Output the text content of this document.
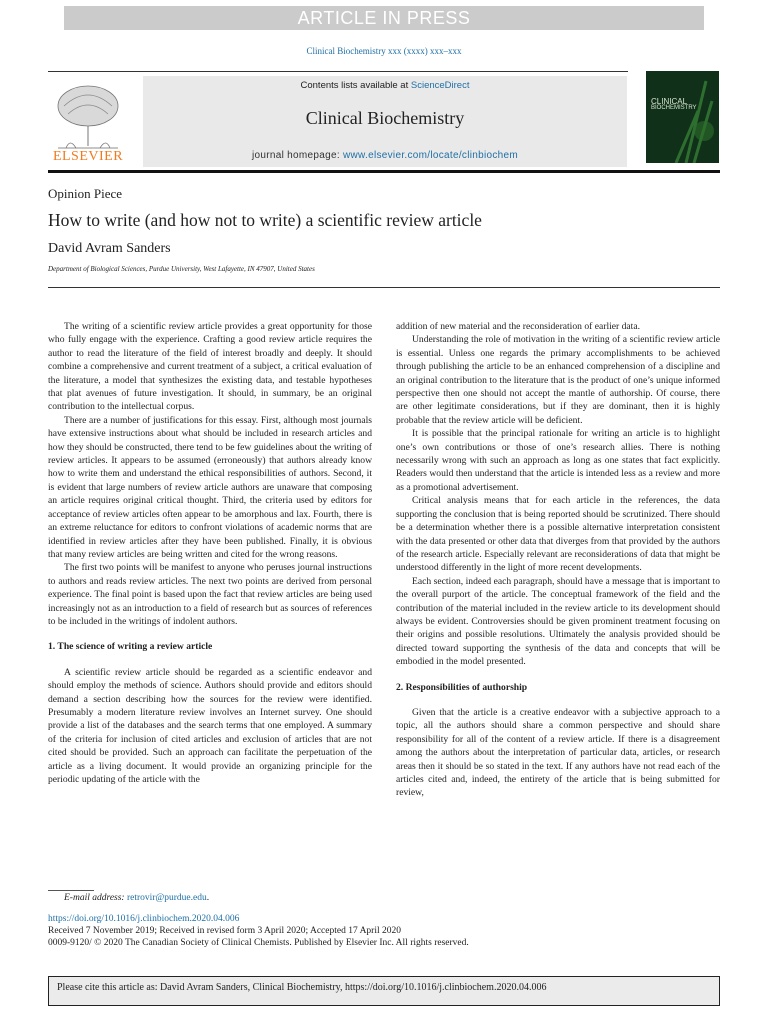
ARTICLE IN PRESS
Clinical Biochemistry xxx (xxxx) xxx–xxx
ELSEVIER
Contents lists available at ScienceDirect
Clinical Biochemistry
journal homepage: www.elsevier.com/locate/clinbiochem
CLINICAL
BIOCHEMISTRY
Opinion Piece
How to write (and how not to write) a scientific review article
David Avram Sanders
Department of Biological Sciences, Purdue University, West Lafayette, IN 47907, United States

The writing of a scientific review article provides a great opportunity for those who fully engage with the experience. Crafting a good review article requires the author to read the literature of the field of interest broadly and deeply. It should combine a comprehensive and current treatment of a subject, a critical evaluation of the literature, a model that synthesizes the existing data, and testable hypotheses that plat avenues of future investigation. It should, in summary, be an original contribution to the intellectual corpus.

There are a number of justifications for this essay. First, although most journals have extensive instructions about what should be included in research articles and how they should be constructed, there tend to be few guidelines about the writing of review articles. It appears to be assumed (erroneously) that authors already know how to write them and understand the ethical responsibilities of authors. Second, it is evident that large numbers of review article authors are unaware that composing an article requires original critical thought. Third, the criteria used by editors for acceptance of review articles often appear to be amorphous and lax. Fourth, there is an extreme reluctance for editors to confront violations of academic norms that are identified in review articles after they have been published. Finally, it is obvious that many review articles are being written and cited for the wrong reasons.

The first two points will be manifest to anyone who peruses journal instructions to authors and reads review articles. The next two points are derived from personal experience. The final point is based upon the fact that review articles are being used increasingly not as an introduction to a field of research but as sources of references to be included in the writings of indolent authors.

1. The science of writing a review article

A scientific review article should be regarded as a scientific endeavor and should employ the methods of science. Authors should provide and editors should demand a section describing how the sources for the review were identified. Presumably a modern literature review involves an Internet survey. One should provide a list of the databases and the search terms that one employed. A summary of the criteria for inclusion of cited articles and exclusion of articles that are not cited should be provided. Such an approach can facilitate the perpetuation of the article as a living document. It would provide an organizing principle for the periodic updating of the article with the

addition of new material and the reconsideration of earlier data.

Understanding the role of motivation in the writing of a scientific review article is essential. Unless one regards the primary accomplishments to be achieved through publishing the article to be an enhanced comprehension of a discipline and an original contribution to the literature that is the product of one’s unique informed perspective then one should not accept the mantle of authorship. Of course, there are other legitimate considerations, but if they are dominant, then it is highly probable that the review article will be deficient.

It is possible that the principal rationale for writing an article is to highlight one’s own contributions or those of one’s research allies. There is nothing necessarily wrong with such an approach as long as one states that fact explicitly. Readers would then understand that the article is intended less as a review and more as a promotional advertisement.

Critical analysis means that for each article in the references, the data supporting the conclusion that is being reported should be scrutinized. There should be a determination whether there is a possible alternative interpretation consistent with the data presented or other data that diverges from that provided by the authors of the research article. Especially relevant are reconsiderations of data that might be understood differently in the light of more recent developments.

Each section, indeed each paragraph, should have a message that is important to the overall purport of the article. The conceptual framework of the field and the contribution of the material included in the review article to its development should always be evident. Controversies should be given prominent treatment focusing on their origins and possible resolutions. Ultimately the analysis provided should be directed toward supporting the synthesis of the data and concepts that will be embodied in the model presented.

2. Responsibilities of authorship

Given that the article is a creative endeavor with a subjective approach to a topic, all the authors should share a common perspective and should share responsibility for all of the content of a review article. If there is a disagreement among the authors about the interpretation of particular data, articles, or research areas then it should be so stated in the text. If any authors have not read each of the articles cited and, indeed, the entirety of the article that is being submitted for review,

E-mail address: retrovir@purdue.edu.
https://doi.org/10.1016/j.clinbiochem.2020.04.006
Received 7 November 2019; Received in revised form 3 April 2020; Accepted 17 April 2020
0009-9120/ © 2020 The Canadian Society of Clinical Chemists. Published by Elsevier Inc. All rights reserved.
Please cite this article as: David Avram Sanders, Clinical Biochemistry, https://doi.org/10.1016/j.clinbiochem.2020.04.006
